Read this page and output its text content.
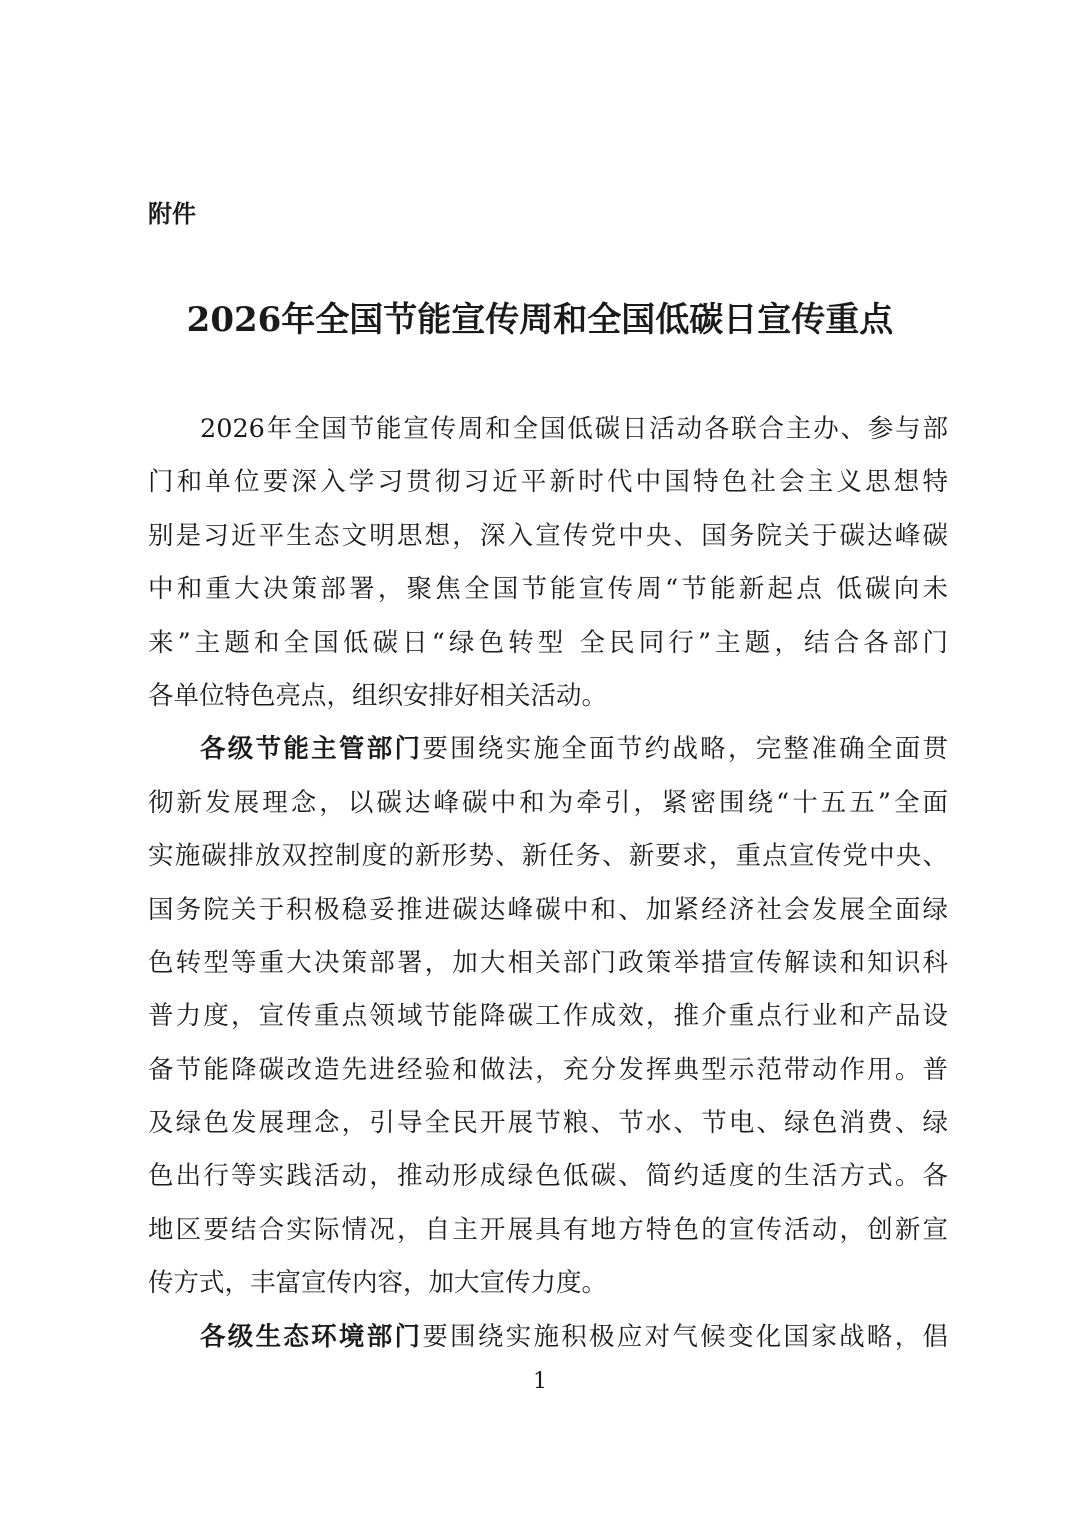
附件

2026年全国节能宣传周和全国低碳日宣传重点
2026年全国节能宣传周和全国低碳日活动各联合主办、参与部
门和单位要深入学习贯彻习近平新时代中国特色社会主义思想特
别是习近平生态文明思想，深入宣传党中央、国务院关于碳达峰碳
中和重大决策部署，聚焦全国节能宣传周“节能新起点 低碳向未
来”主题和全国低碳日“绿色转型 全民同行”主题，结合各部门
各单位特色亮点，组织安排好相关活动。
各级节能主管部门要围绕实施全面节约战略，完整准确全面贯
彻新发展理念，以碳达峰碳中和为牵引，紧密围绕“十五五”全面
实施碳排放双控制度的新形势、新任务、新要求，重点宣传党中央、
国务院关于积极稳妥推进碳达峰碳中和、加紧经济社会发展全面绿
色转型等重大决策部署，加大相关部门政策举措宣传解读和知识科
普力度，宣传重点领域节能降碳工作成效，推介重点行业和产品设
备节能降碳改造先进经验和做法，充分发挥典型示范带动作用。普
及绿色发展理念，引导全民开展节粮、节水、节电、绿色消费、绿
色出行等实践活动，推动形成绿色低碳、简约适度的生活方式。各
地区要结合实际情况，自主开展具有地方特色的宣传活动，创新宣
传方式，丰富宣传内容，加大宣传力度。
各级生态环境部门要围绕实施积极应对气候变化国家战略，倡

1
